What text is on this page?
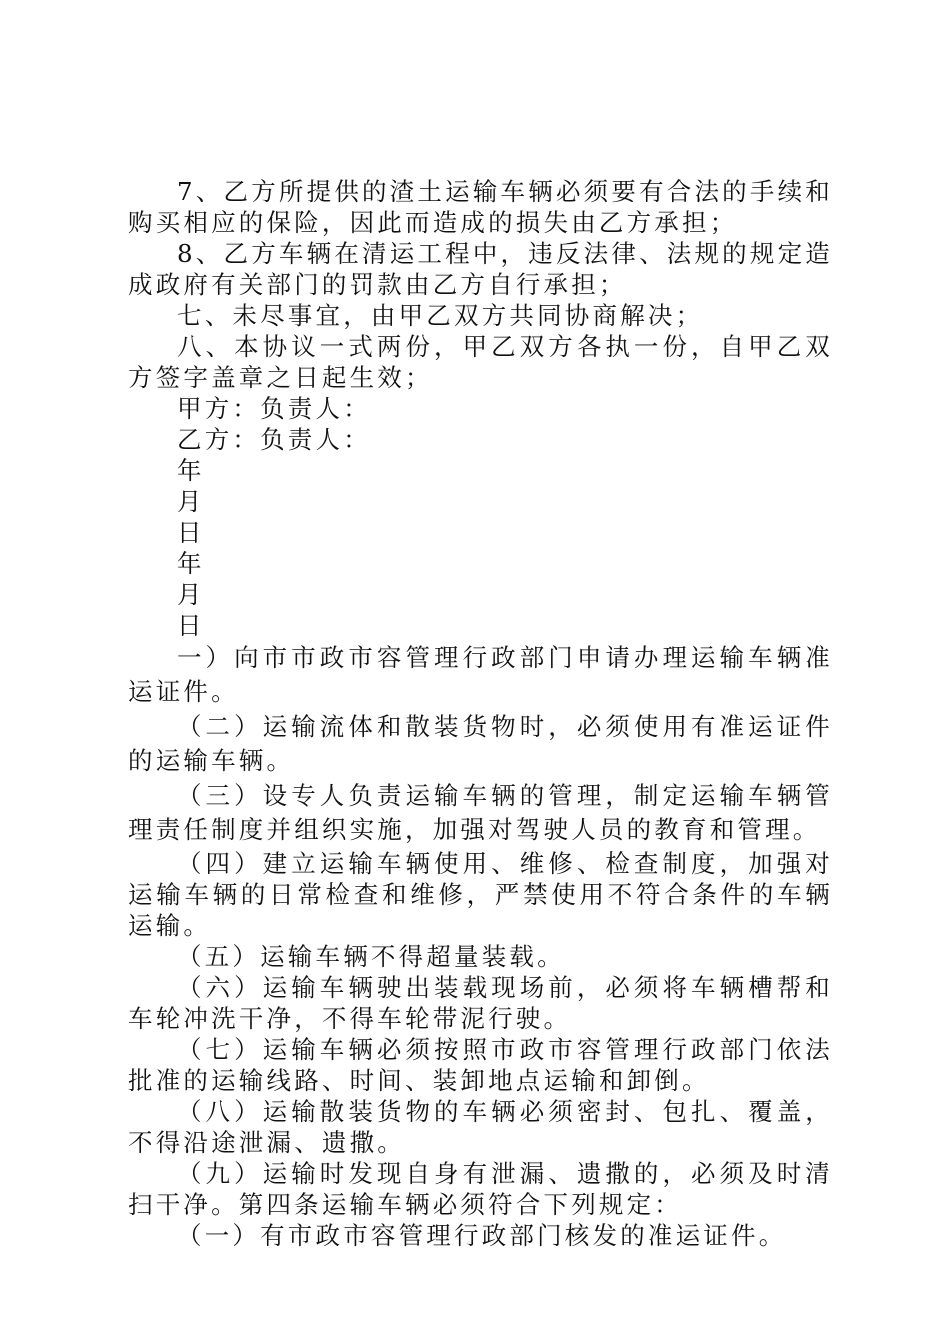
7、乙方所提供的渣土运输车辆必须要有合法的手续和购买相应的保险，因此而造成的损失由乙方承担；

8、乙方车辆在清运工程中，违反法律、法规的规定造成政府有关部门的罚款由乙方自行承担；

七、未尽事宜，由甲乙双方共同协商解决；

八、本协议一式两份，甲乙双方各执一份，自甲乙双方签字盖章之日起生效；

甲方：负责人：

乙方：负责人：

年

月

日

年

月

日

一）向市市政市容管理行政部门申请办理运输车辆准运证件。

（二）运输流体和散装货物时，必须使用有准运证件的运输车辆。

（三）设专人负责运输车辆的管理，制定运输车辆管理责任制度并组织实施，加强对驾驶人员的教育和管理。

（四）建立运输车辆使用、维修、检查制度，加强对运输车辆的日常检查和维修，严禁使用不符合条件的车辆运输。

（五）运输车辆不得超量装载。

（六）运输车辆驶出装载现场前，必须将车辆槽帮和车轮冲洗干净，不得车轮带泥行驶。

（七）运输车辆必须按照市政市容管理行政部门依法批准的运输线路、时间、装卸地点运输和卸倒。

（八）运输散装货物的车辆必须密封、包扎、覆盖，不得沿途泄漏、遗撒。

（九）运输时发现自身有泄漏、遗撒的，必须及时清扫干净。第四条运输车辆必须符合下列规定：

（一）有市政市容管理行政部门核发的准运证件。
